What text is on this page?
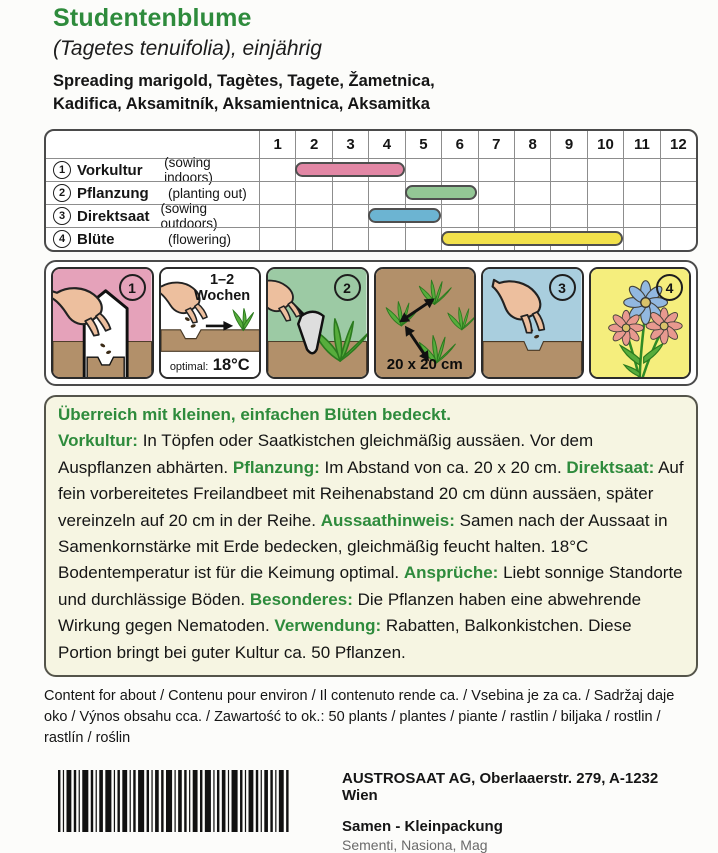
Studentenblume
(Tagetes tenuifolia), einjährig
Spreading marigold, Tagètes, Tagete, Žametnica,
Kadifica, Aksamitník, Aksamientnica, Aksamitka
1	2	3	4	5	6	7	8	9	10	11	12
1 Vorkultur	(sowing indoors)
2 Pflanzung	(planting out)
3 Direktsaat (sowing outdoors)
4 Blüte	(flowering)
1	1–2
Wochen
optimal: 18°C
2
20 x 20 cm
3	4
Überreich mit kleinen, einfachen Blüten bedeckt.
Vorkultur: In Töpfen oder Saatkistchen gleichmäßig aussäen. Vor dem Auspflanzen abhärten. Pflanzung: Im Abstand von ca. 20 x 20 cm. Direktsaat: Auf fein vorbereitetes Freilandbeet mit Reihenabstand 20 cm dünn aussäen, später vereinzeln auf 20 cm in der Reihe. Aussaathinweis: Samen nach der Aussaat in Samenkornstärke mit Erde bedecken, gleichmäßig feucht halten. 18°C Bodentemperatur ist für die Keimung optimal. Ansprüche: Liebt sonnige Standorte und durchlässige Böden. Besonderes: Die Pflanzen haben eine abwehrende Wirkung gegen Nematoden. Verwendung: Rabatten, Balkonkistchen. Diese Portion bringt bei guter Kultur ca. 50 Pflanzen.
Content for about / Contenu pour environ / Il contenuto rende ca. / Vsebina je za ca. / Sadržaj daje oko / Výnos obsahu cca. / Zawartość to ok.: 50 plants / plantes / piante / rastlin / biljaka / rostlin / rastlín / roślin
AUSTROSAAT AG, Oberlaaerstr. 279, A-1232 Wien
Samen - Kleinpackung
Sementi, Nasiona, Mag
